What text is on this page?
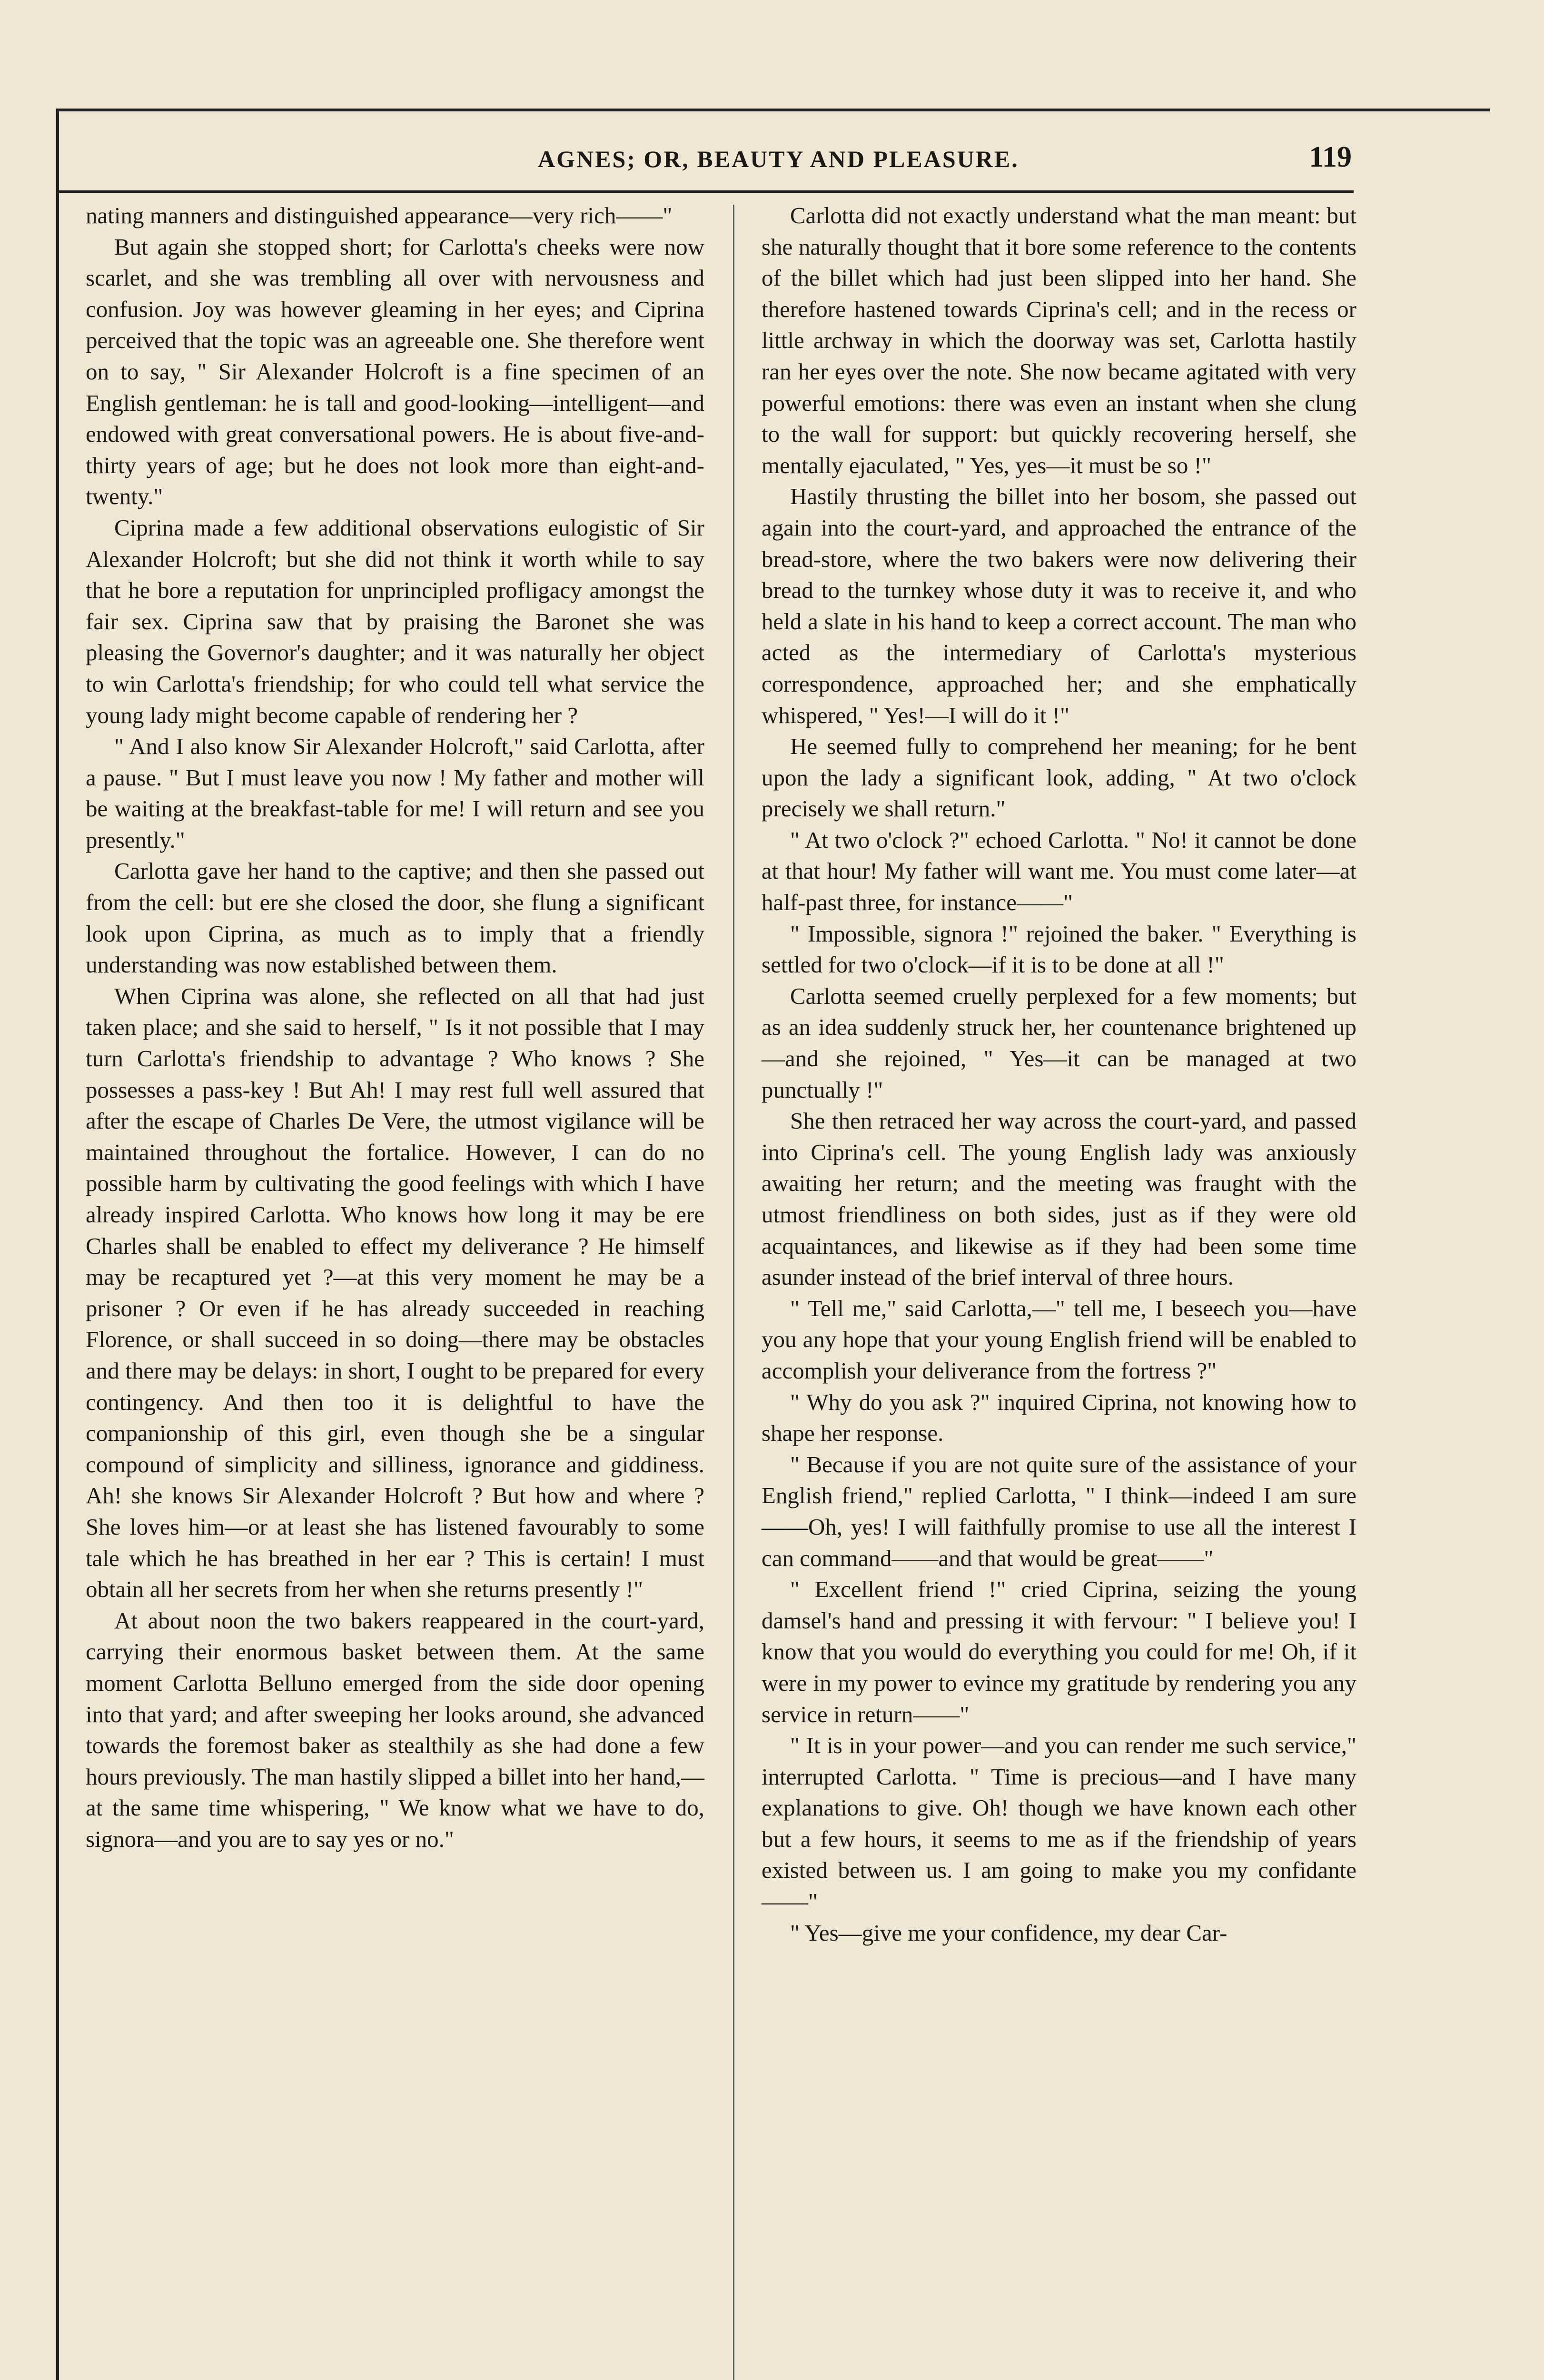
AGNES; OR, BEAUTY AND PLEASURE.	119

nating manners and distinguished appearance—very rich——"

But again she stopped short; for Carlotta's cheeks were now scarlet, and she was trembling all over with nervousness and confusion. Joy was however gleaming in her eyes; and Ciprina perceived that the topic was an agreeable one. She therefore went on to say, " Sir Alexander Holcroft is a fine specimen of an English gentleman: he is tall and good-looking—intelligent—and endowed with great conversational powers. He is about five-and-thirty years of age; but he does not look more than eight-and-twenty."

Ciprina made a few additional observations eulogistic of Sir Alexander Holcroft; but she did not think it worth while to say that he bore a reputation for unprincipled profligacy amongst the fair sex. Ciprina saw that by praising the Baronet she was pleasing the Governor's daughter; and it was naturally her object to win Carlotta's friendship; for who could tell what service the young lady might become capable of rendering her ?

" And I also know Sir Alexander Holcroft," said Carlotta, after a pause. " But I must leave you now ! My father and mother will be waiting at the breakfast-table for me! I will return and see you presently."

Carlotta gave her hand to the captive; and then she passed out from the cell: but ere she closed the door, she flung a significant look upon Ciprina, as much as to imply that a friendly understanding was now established between them.

When Ciprina was alone, she reflected on all that had just taken place; and she said to herself, " Is it not possible that I may turn Carlotta's friendship to advantage ? Who knows ? She possesses a pass-key ! But Ah! I may rest full well assured that after the escape of Charles De Vere, the utmost vigilance will be maintained throughout the fortalice. However, I can do no possible harm by cultivating the good feelings with which I have already inspired Carlotta. Who knows how long it may be ere Charles shall be enabled to effect my deliverance ? He himself may be recaptured yet ?—at this very moment he may be a prisoner ? Or even if he has already succeeded in reaching Florence, or shall succeed in so doing—there may be obstacles and there may be delays: in short, I ought to be prepared for every contingency. And then too it is delightful to have the companionship of this girl, even though she be a singular compound of simplicity and silliness, ignorance and giddiness. Ah! she knows Sir Alexander Holcroft ? But how and where ? She loves him—or at least she has listened favourably to some tale which he has breathed in her ear ? This is certain! I must obtain all her secrets from her when she returns presently !"

At about noon the two bakers reappeared in the court-yard, carrying their enormous basket between them. At the same moment Carlotta Belluno emerged from the side door opening into that yard; and after sweeping her looks around, she advanced towards the foremost baker as stealthily as she had done a few hours previously. The man hastily slipped a billet into her hand,—at the same time whispering, " We know what we have to do, signora—and you are to say yes or no."

Carlotta did not exactly understand what the man meant: but she naturally thought that it bore some reference to the contents of the billet which had just been slipped into her hand. She therefore hastened towards Ciprina's cell; and in the recess or little archway in which the doorway was set, Carlotta hastily ran her eyes over the note. She now became agitated with very powerful emotions: there was even an instant when she clung to the wall for support: but quickly recovering herself, she mentally ejaculated, " Yes, yes—it must be so !"

Hastily thrusting the billet into her bosom, she passed out again into the court-yard, and approached the entrance of the bread-store, where the two bakers were now delivering their bread to the turnkey whose duty it was to receive it, and who held a slate in his hand to keep a correct account. The man who acted as the intermediary of Carlotta's mysterious correspondence, approached her; and she emphatically whispered, " Yes!—I will do it !"

He seemed fully to comprehend her meaning; for he bent upon the lady a significant look, adding, " At two o'clock precisely we shall return."

" At two o'clock ?" echoed Carlotta. " No! it cannot be done at that hour! My father will want me. You must come later—at half-past three, for instance——"

" Impossible, signora !" rejoined the baker. " Everything is settled for two o'clock—if it is to be done at all !"

Carlotta seemed cruelly perplexed for a few moments; but as an idea suddenly struck her, her countenance brightened up—and she rejoined, " Yes—it can be managed at two punctually !"

She then retraced her way across the court-yard, and passed into Ciprina's cell. The young English lady was anxiously awaiting her return; and the meeting was fraught with the utmost friendliness on both sides, just as if they were old acquaintances, and likewise as if they had been some time asunder instead of the brief interval of three hours.

" Tell me," said Carlotta,—" tell me, I beseech you—have you any hope that your young English friend will be enabled to accomplish your deliverance from the fortress ?"

" Why do you ask ?" inquired Ciprina, not knowing how to shape her response.

" Because if you are not quite sure of the assistance of your English friend," replied Carlotta, " I think—indeed I am sure——Oh, yes! I will faithfully promise to use all the interest I can command——and that would be great——"

" Excellent friend !" cried Ciprina, seizing the young damsel's hand and pressing it with fervour: " I believe you! I know that you would do everything you could for me! Oh, if it were in my power to evince my gratitude by rendering you any service in return——"

" It is in your power—and you can render me such service," interrupted Carlotta. " Time is precious—and I have many explanations to give. Oh! though we have known each other but a few hours, it seems to me as if the friendship of years existed between us. I am going to make you my confidante——"

" Yes—give me your confidence, my dear Car-
